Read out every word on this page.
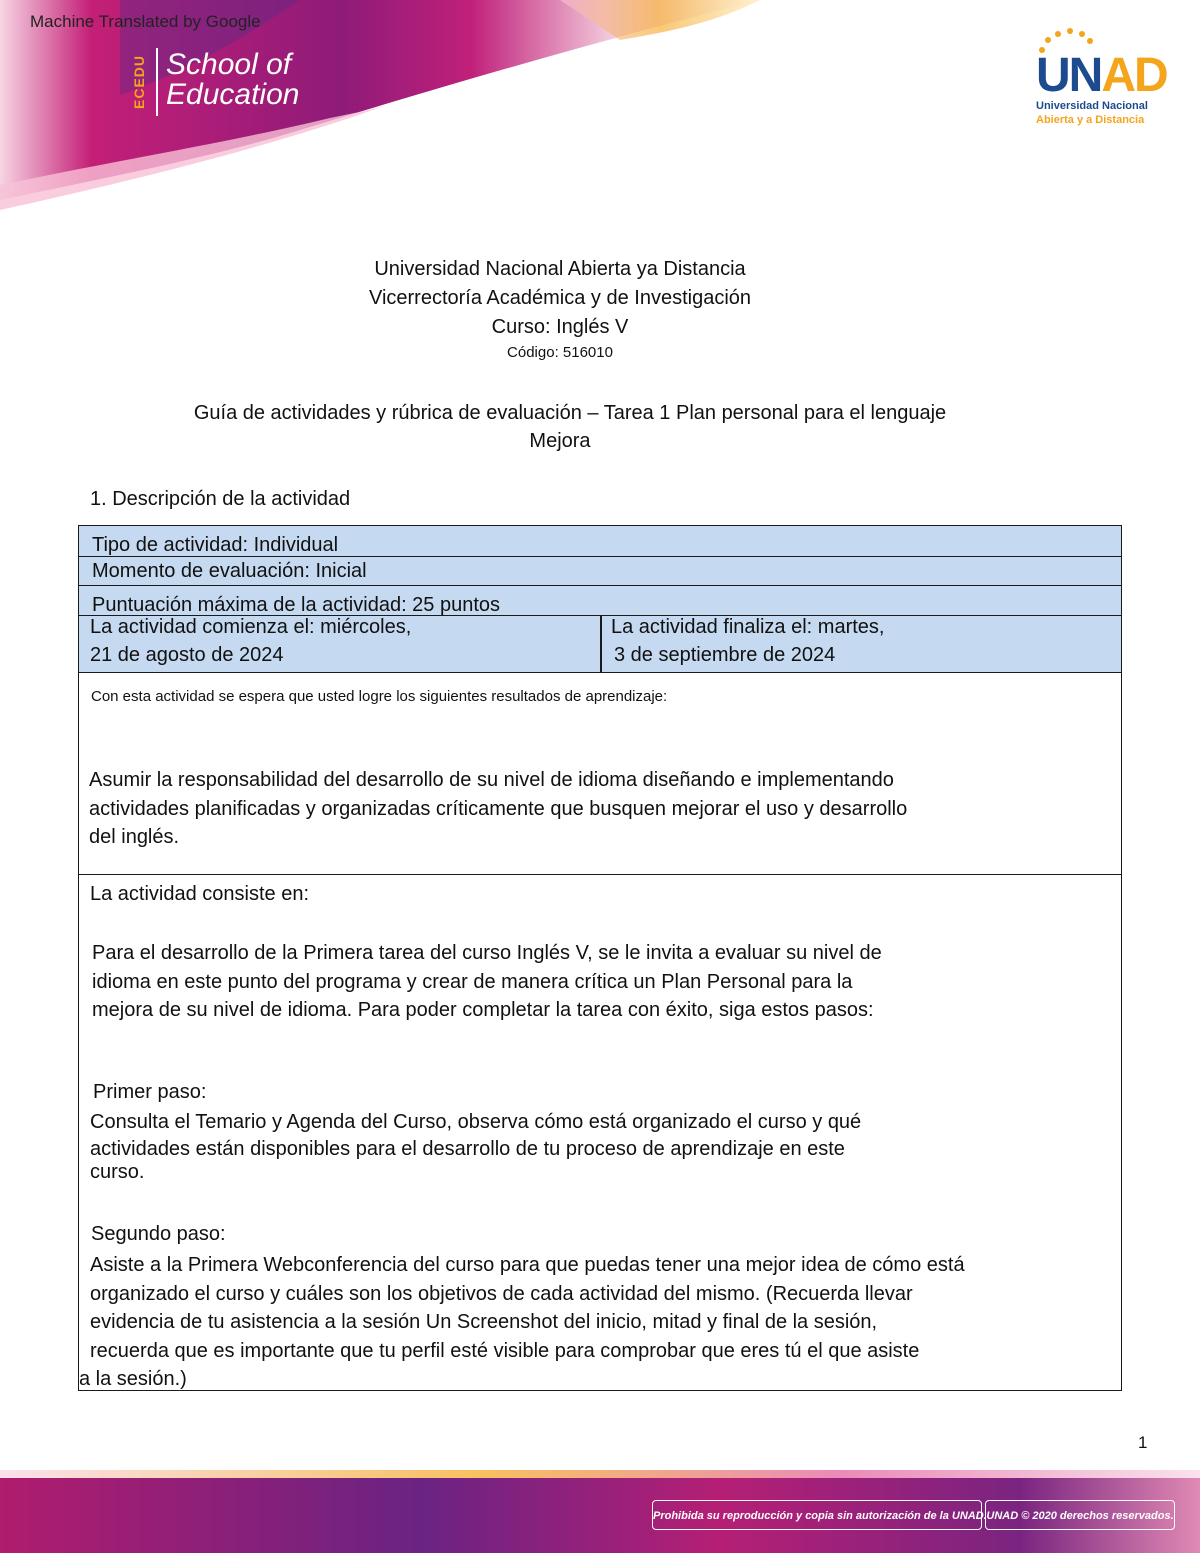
Machine Translated by Google
ECEDU School of
Education	UNAD
Universidad Nacional
Abierta y a Distancia
Universidad Nacional Abierta ya Distancia
Vicerrectoría Académica y de Investigación
Curso: Inglés V
Código: 516010
Guía de actividades y rúbrica de evaluación – Tarea 1 Plan personal para el lenguaje
Mejora
1. Descripción de la actividad
Tipo de actividad: Individual
Momento de evaluación: Inicial
Puntuación máxima de la actividad: 25 puntos
La actividad comienza el: miércoles,
21 de agosto de 2024
La actividad finaliza el: martes,
3 de septiembre de 2024
Con esta actividad se espera que usted logre los siguientes resultados de aprendizaje:
Asumir la responsabilidad del desarrollo de su nivel de idioma diseñando e implementando
actividades planificadas y organizadas críticamente que busquen mejorar el uso y desarrollo
del inglés.
La actividad consiste en:
Para el desarrollo de la Primera tarea del curso Inglés V, se le invita a evaluar su nivel de
idioma en este punto del programa y crear de manera crítica un Plan Personal para la
mejora de su nivel de idioma. Para poder completar la tarea con éxito, siga estos pasos:
Primer paso:
Consulta el Temario y Agenda del Curso, observa cómo está organizado el curso y qué
actividades están disponibles para el desarrollo de tu proceso de aprendizaje en este
curso.
Segundo paso:
Asiste a la Primera Webconferencia del curso para que puedas tener una mejor idea de cómo está
organizado el curso y cuáles son los objetivos de cada actividad del mismo. (Recuerda llevar
evidencia de tu asistencia a la sesión Un Screenshot del inicio, mitad y final de la sesión,
recuerda que es importante que tu perfil esté visible para comprobar que eres tú el que asiste
a la sesión.)
1
Prohibida su reproducción y copia sin autorización de la UNAD. UNAD © 2020 derechos reservados.
